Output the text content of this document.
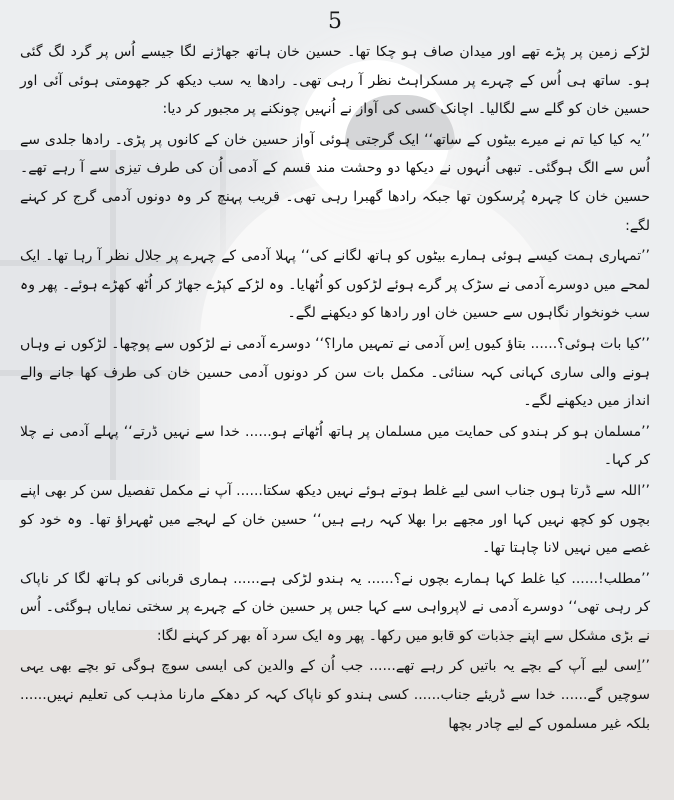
5

لڑکے زمین پر پڑے تھے اور میدان صاف ہو چکا تھا۔ حسین خان ہاتھ جھاڑنے لگا جیسے اُس پر گرد لگ گئی ہو۔ ساتھ ہی اُس کے چہرے پر مسکراہٹ نظر آ رہی تھی۔ رادھا یہ سب دیکھ کر جھومتی ہوئی آئی اور حسین خان کو گلے سے لگالیا۔ اچانک کسی کی آواز نے اُنہیں چونکنے پر مجبور کر دیا:

’’یہ کیا کیا تم نے میرے بیٹوں کے ساتھ‘‘ ایک گرجتی ہوئی آواز حسین خان کے کانوں پر پڑی۔ رادھا جلدی سے اُس سے الگ ہوگئی۔ تبھی اُنہوں نے دیکھا دو وحشت مند قسم کے آدمی اُن کی طرف تیزی سے آ رہے تھے۔ حسین خان کا چہرہ پُرسکون تھا جبکہ رادھا گھبرا رہی تھی۔ قریب پہنچ کر وہ دونوں آدمی گرج کر کہنے لگے:

’’تمہاری ہمت کیسے ہوئی ہمارے بیٹوں کو ہاتھ لگانے کی‘‘ پہلا آدمی کے چہرے پر جلال نظر آ رہا تھا۔ ایک لمحے میں دوسرے آدمی نے سڑک پر گرے ہوئے لڑکوں کو اُٹھایا۔ وہ لڑکے کپڑے جھاڑ کر اُٹھ کھڑے ہوئے۔ پھر وہ سب خونخوار نگاہوں سے حسین خان اور رادھا کو دیکھنے لگے۔

’’کیا بات ہوئی؟...... بتاؤ کیوں اِس آدمی نے تمہیں مارا؟‘‘ دوسرے آدمی نے لڑکوں سے پوچھا۔ لڑکوں نے وہاں ہونے والی ساری کہانی کہہ سنائی۔ مکمل بات سن کر دونوں آدمی حسین خان کی طرف کھا جانے والے انداز میں دیکھنے لگے۔

’’مسلمان ہو کر ہندو کی حمایت میں مسلمان پر ہاتھ اُٹھاتے ہو...... خدا سے نہیں ڈرتے‘‘ پہلے آدمی نے چلا کر کہا۔

’’اللہ سے ڈرتا ہوں جناب اسی لیے غلط ہوتے ہوئے نہیں دیکھ سکتا...... آپ نے مکمل تفصیل سن کر بھی اپنے بچوں کو کچھ نہیں کہا اور مجھے برا بھلا کہہ رہے ہیں‘‘ حسین خان کے لہجے میں ٹھہراؤ تھا۔ وہ خود کو غصے میں نہیں لانا چاہتا تھا۔

’’مطلب!...... کیا غلط کہا ہمارے بچوں نے؟...... یہ ہندو لڑکی ہے...... ہماری قربانی کو ہاتھ لگا کر ناپاک کر رہی تھی‘‘ دوسرے آدمی نے لاپرواہی سے کہا جس پر حسین خان کے چہرے پر سختی نمایاں ہوگئی۔ اُس نے بڑی مشکل سے اپنے جذبات کو قابو میں رکھا۔ پھر وہ ایک سرد آہ بھر کر کہنے لگا:

’’اِسی لیے آپ کے بچے یہ باتیں کر رہے تھے...... جب اُن کے والدین کی ایسی سوچ ہوگی تو بچے بھی یہی سوچیں گے...... خدا سے ڈریئے جناب...... کسی ہندو کو ناپاک کہہ کر دھکے مارنا مذہب کی تعلیم نہیں...... بلکہ غیر مسلموں کے لیے چادر بچھا
